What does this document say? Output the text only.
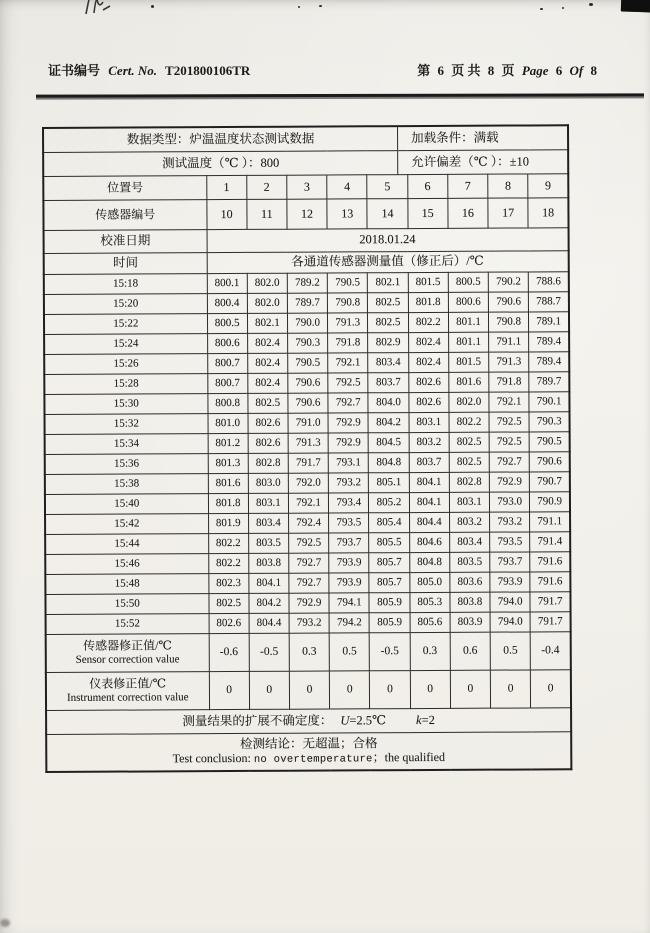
证书编号 Cert. No. T201800106TR	第 6 页 共 8 页 Page 6 Of 8
数据类型：炉温温度状态测试数据 加载条件：满载									

测试温度（℃ ）：800 允许偏差（℃ ）：±10									

位置号	1	2	3	4	5	6	7	8	9
传感器编号	10	11	12	13	14	15	16	17	18
校准日期	2018.01.24								
时间	各通道传感器测量值（修正后）/℃								
15:18	800.1	802.0	789.2	790.5	802.1	801.5	800.5	790.2	788.6
15:20	800.4	802.0	789.7	790.8	802.5	801.8	800.6	790.6	788.7
15:22	800.5	802.1	790.0	791.3	802.5	802.2	801.1	790.8	789.1
15:24	800.6	802.4	790.3	791.8	802.9	802.4	801.1	791.1	789.4
15:26	800.7	802.4	790.5	792.1	803.4	802.4	801.5	791.3	789.4
15:28	800.7	802.4	790.6	792.5	803.7	802.6	801.6	791.8	789.7
15:30	800.8	802.5	790.6	792.7	804.0	802.6	802.0	792.1	790.1
15:32	801.0	802.6	791.0	792.9	804.2	803.1	802.2	792.5	790.3
15:34	801.2	802.6	791.3	792.9	804.5	803.2	802.5	792.5	790.5
15:36	801.3	802.8	791.7	793.1	804.8	803.7	802.5	792.7	790.6
15:38	801.6	803.0	792.0	793.2	805.1	804.1	802.8	792.9	790.7
15:40	801.8	803.1	792.1	793.4	805.2	804.1	803.1	793.0	790.9
15:42	801.9	803.4	792.4	793.5	805.4	804.4	803.2	793.2	791.1
15:44	802.2	803.5	792.5	793.7	805.5	804.6	803.4	793.5	791.4
15:46	802.2	803.8	792.7	793.9	805.7	804.8	803.5	793.7	791.6
15:48	802.3	804.1	792.7	793.9	805.7	805.0	803.6	793.9	791.6
15:50	802.5	804.2	792.9	794.1	805.9	805.3	803.8	794.0	791.7
15:52	802.6	804.4	793.2	794.2	805.9	805.6	803.9	794.0	791.7

传感器修正值/℃
Sensor correction value	-0.6	-0.5	0.3	0.5	-0.5	0.3	0.6	0.5	-0.4

仪表修正值/℃
Instrument correction value	0	0	0	0	0	0	0	0	0
测量结果的扩展不确定度： U=2.5℃ k=2									

检测结论：无超温；合格
Test conclusion: no overtemperature；the qualified									
